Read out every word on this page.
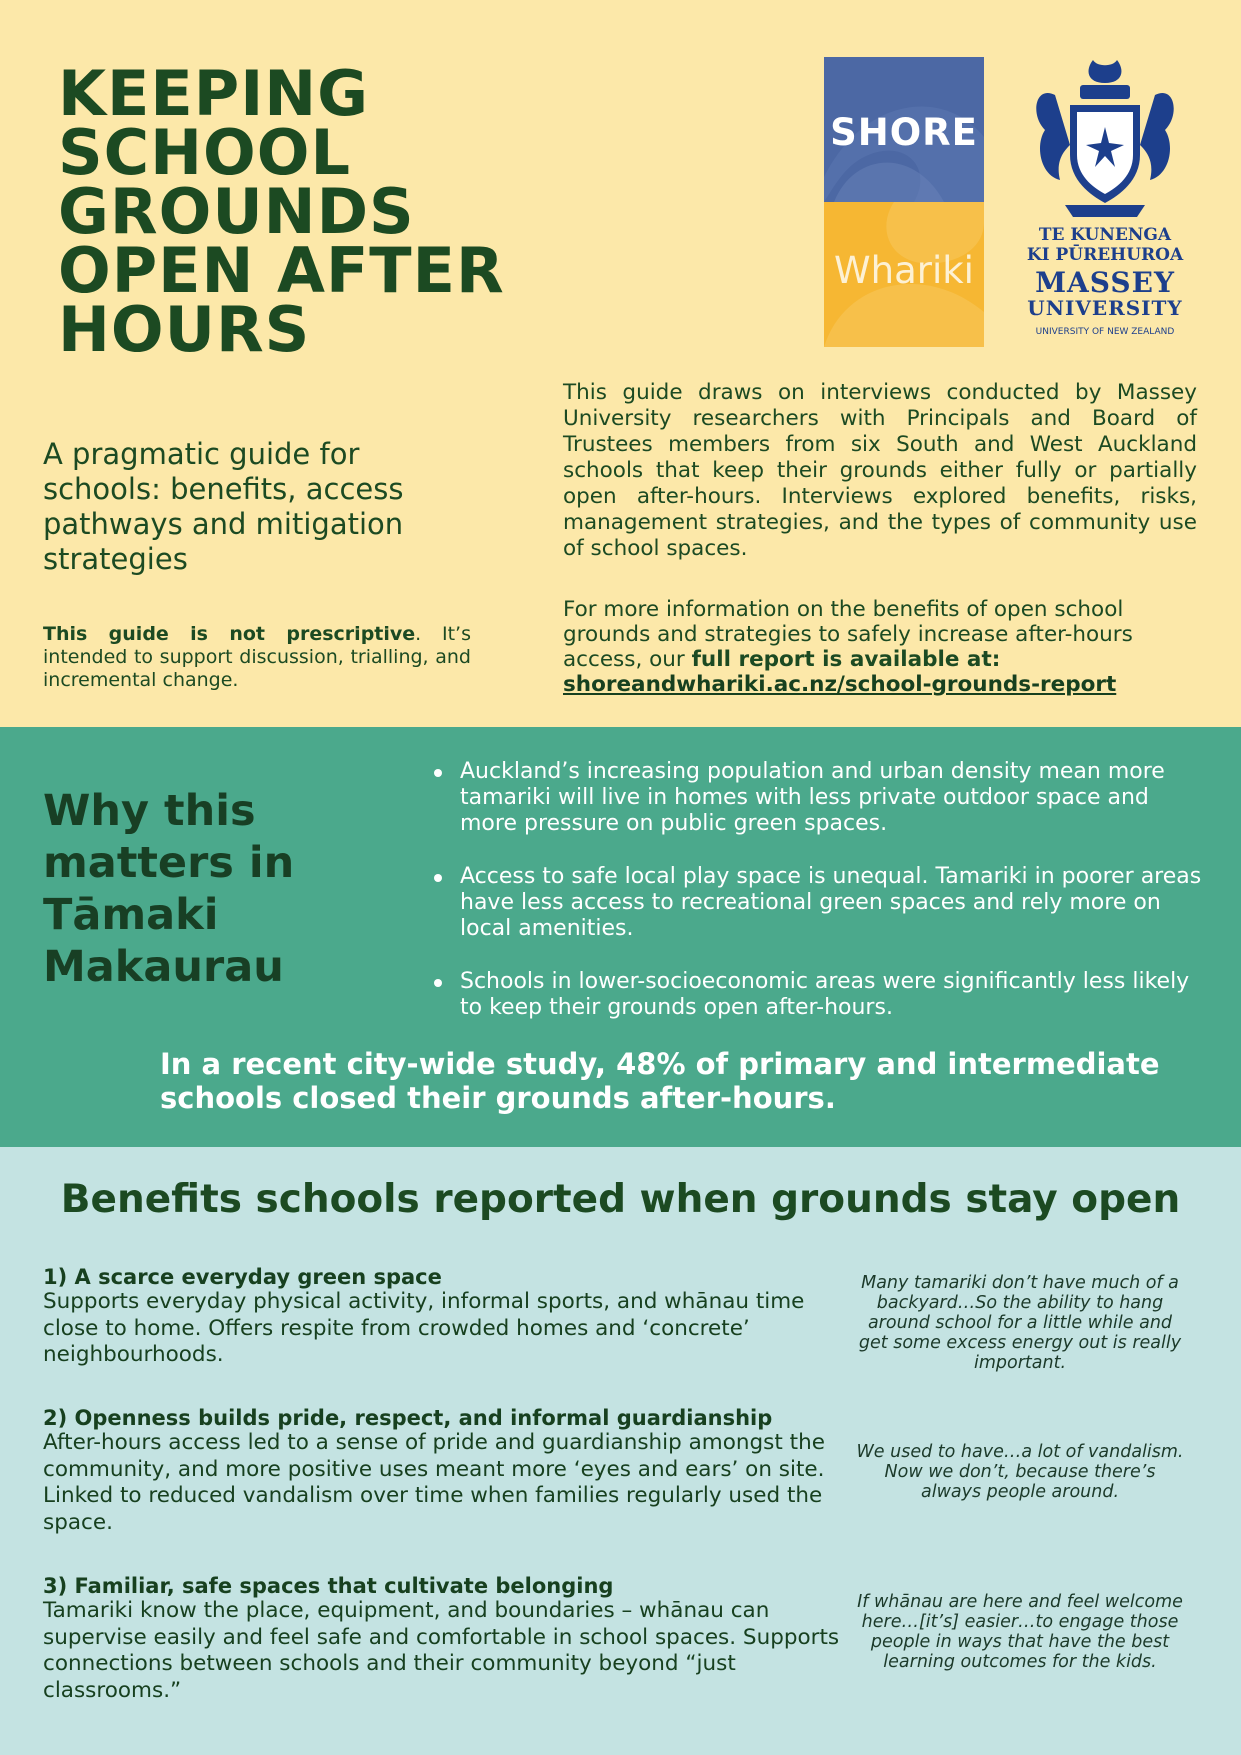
KEEPING SCHOOL GROUNDS OPEN AFTER HOURS

A pragmatic guide for schools: benefits, access pathways and mitigation strategies

This guide is not prescriptive. It’s intended to support discussion, trialling, and incremental change.

SHORE
Whariki
TE KUNENGA
KI PŪREHUROA
MASSEY
UNIVERSITY
UNIVERSITY OF NEW ZEALAND

This guide draws on interviews conducted by Massey University researchers with Principals and Board of Trustees members from six South and West Auckland schools that keep their grounds either fully or partially open after-hours. Interviews explored benefits, risks, management strategies, and the types of community use of school spaces.

For more information on the benefits of open school grounds and strategies to safely increase after-hours access, our full report is available at:
shoreandwhariki.ac.nz/school-grounds-report

Why this matters in Tāmaki Makaurau
Auckland’s increasing population and urban density mean more tamariki will live in homes with less private outdoor space and more pressure on public green spaces.
Access to safe local play space is unequal. Tamariki in poorer areas have less access to recreational green spaces and rely more on local amenities.
Schools in lower-socioeconomic areas were significantly less likely to keep their grounds open after-hours.

In a recent city-wide study, 48% of primary and intermediate schools closed their grounds after-hours.

Benefits schools reported when grounds stay open
1) A scarce everyday green space

Supports everyday physical activity, informal sports, and whānau time close to home. Offers respite from crowded homes and ‘concrete’ neighbourhoods.

Many tamariki don’t have much of a backyard…So the ability to hang around school for a little while and get some excess energy out is really important.

2) Openness builds pride, respect, and informal guardianship

After-hours access led to a sense of pride and guardianship amongst the community, and more positive uses meant more ‘eyes and ears’ on site. Linked to reduced vandalism over time when families regularly used the space.

We used to have…a lot of vandalism. Now we don’t, because there’s always people around.

3) Familiar, safe spaces that cultivate belonging

Tamariki know the place, equipment, and boundaries – whānau can supervise easily and feel safe and comfortable in school spaces. Supports connections between schools and their community beyond “just classrooms.”

If whānau are here and feel welcome here…[it’s] easier…to engage those people in ways that have the best learning outcomes for the kids.
